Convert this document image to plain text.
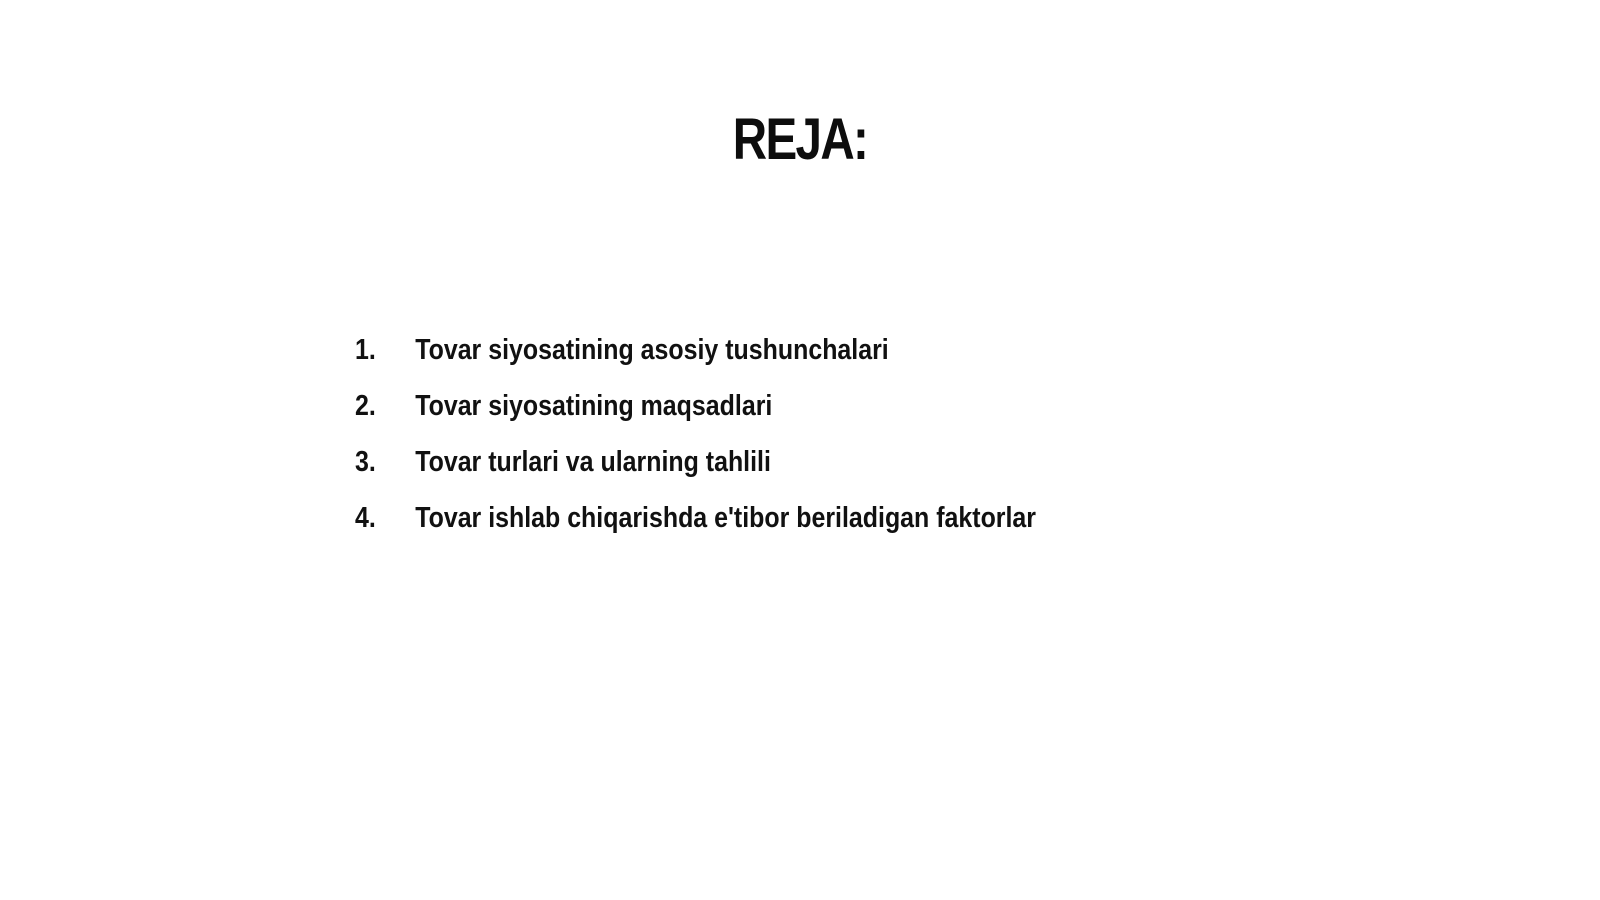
REJA:
1.	Tovar siyosatining asosiy tushunchalari
2.	Tovar siyosatining maqsadlari
3.	Tovar turlari va ularning tahlili
4.	Tovar ishlab chiqarishda e'tibor beriladigan faktorlar
